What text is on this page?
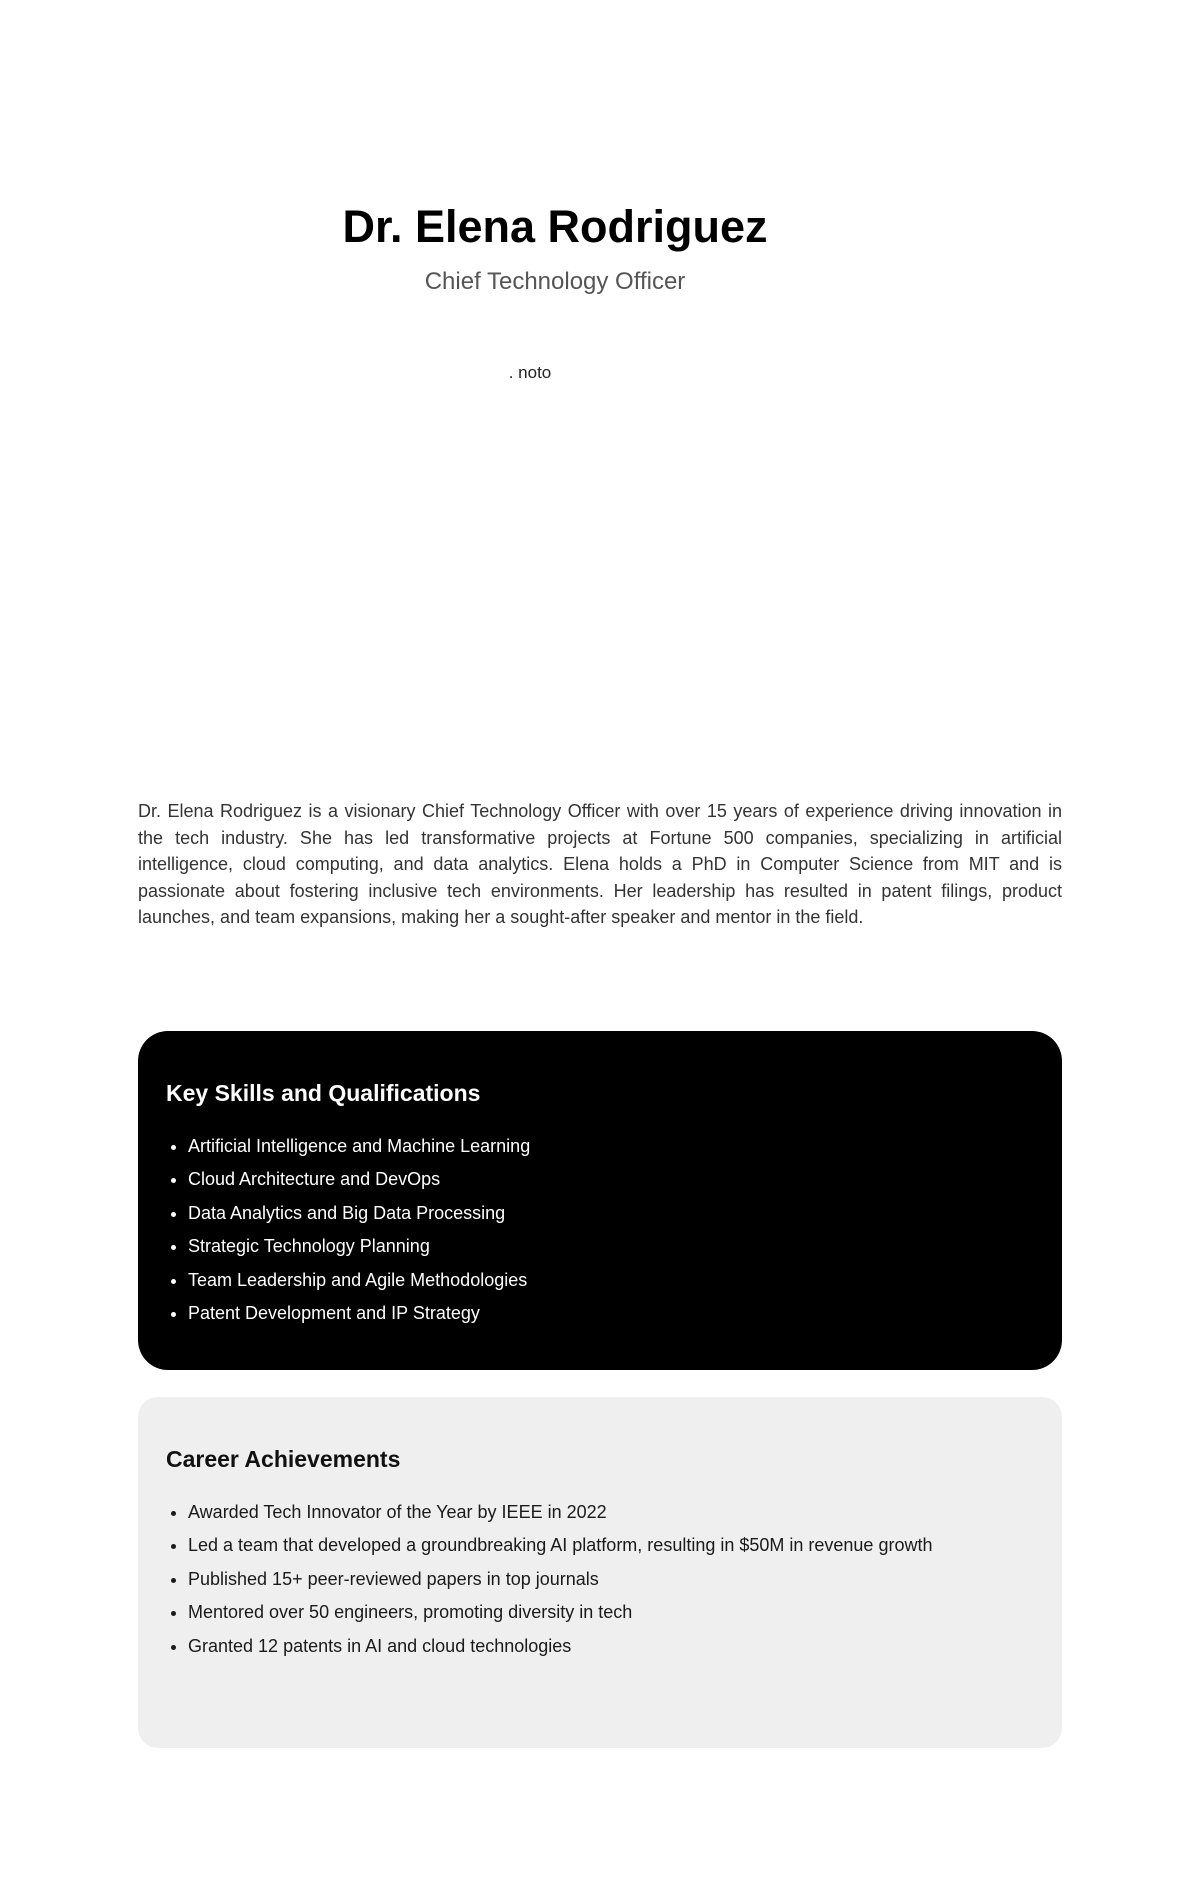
Dr. Elena Rodriguez

Chief Technology Officer

. noto

Dr. Elena Rodriguez is a visionary Chief Technology Officer with over 15 years of experience driving innovation in the tech industry. She has led transformative projects at Fortune 500 companies, specializing in artificial intelligence, cloud computing, and data analytics. Elena holds a PhD in Computer Science from MIT and is passionate about fostering inclusive tech environments. Her leadership has resulted in patent filings, product launches, and team expansions, making her a sought-after speaker and mentor in the field.

Key Skills and Qualifications
• Artificial Intelligence and Machine Learning
• Cloud Architecture and DevOps
• Data Analytics and Big Data Processing
• Strategic Technology Planning
• Team Leadership and Agile Methodologies
• Patent Development and IP Strategy
Career Achievements
• Awarded Tech Innovator of the Year by IEEE in 2022
• Led a team that developed a groundbreaking AI platform, resulting in $50M in revenue growth
• Published 15+ peer-reviewed papers in top journals
• Mentored over 50 engineers, promoting diversity in tech
• Granted 12 patents in AI and cloud technologies
